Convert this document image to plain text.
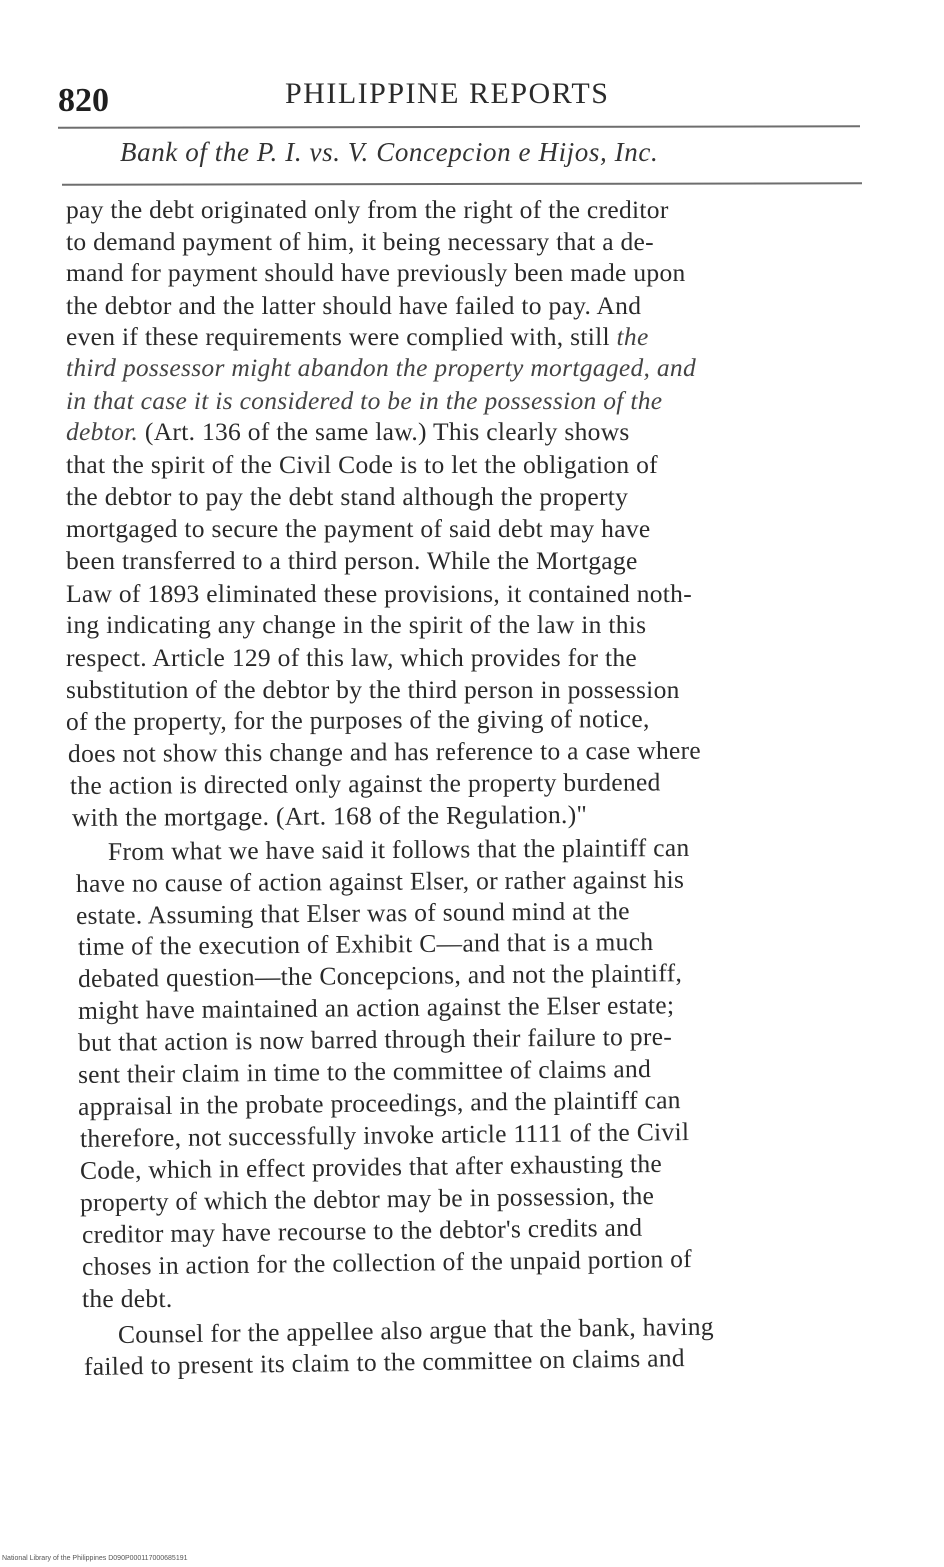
820	PHILIPPINE REPORTS
Bank of the P. I. vs. V. Concepcion e Hijos, Inc.
pay the debt originated only from the right of the creditor
to demand payment of him, it being necessary that a de-
mand for payment should have previously been made upon
the debtor and the latter should have failed to pay. And
even if these requirements were complied with, still the
third possessor might abandon the property mortgaged, and
in that case it is considered to be in the possession of the
debtor. (Art. 136 of the same law.) This clearly shows
that the spirit of the Civil Code is to let the obligation of
the debtor to pay the debt stand although the property
mortgaged to secure the payment of said debt may have
been transferred to a third person. While the Mortgage
Law of 1893 eliminated these provisions, it contained noth-
ing indicating any change in the spirit of the law in this
respect. Article 129 of this law, which provides for the
substitution of the debtor by the third person in possession
of the property, for the purposes of the giving of notice,
does not show this change and has reference to a case where
the action is directed only against the property burdened
with the mortgage. (Art. 168 of the Regulation.)"
From what we have said it follows that the plaintiff can
have no cause of action against Elser, or rather against his
estate. Assuming that Elser was of sound mind at the
time of the execution of Exhibit C—and that is a much
debated question—the Concepcions, and not the plaintiff,
might have maintained an action against the Elser estate;
but that action is now barred through their failure to pre-
sent their claim in time to the committee of claims and
appraisal in the probate proceedings, and the plaintiff can
therefore, not successfully invoke article 1111 of the Civil
Code, which in effect provides that after exhausting the
property of which the debtor may be in possession, the
creditor may have recourse to the debtor's credits and
choses in action for the collection of the unpaid portion of
the debt.
Counsel for the appellee also argue that the bank, having
failed to present its claim to the committee on claims and
National Library of the Philippines D090P000117000685191
